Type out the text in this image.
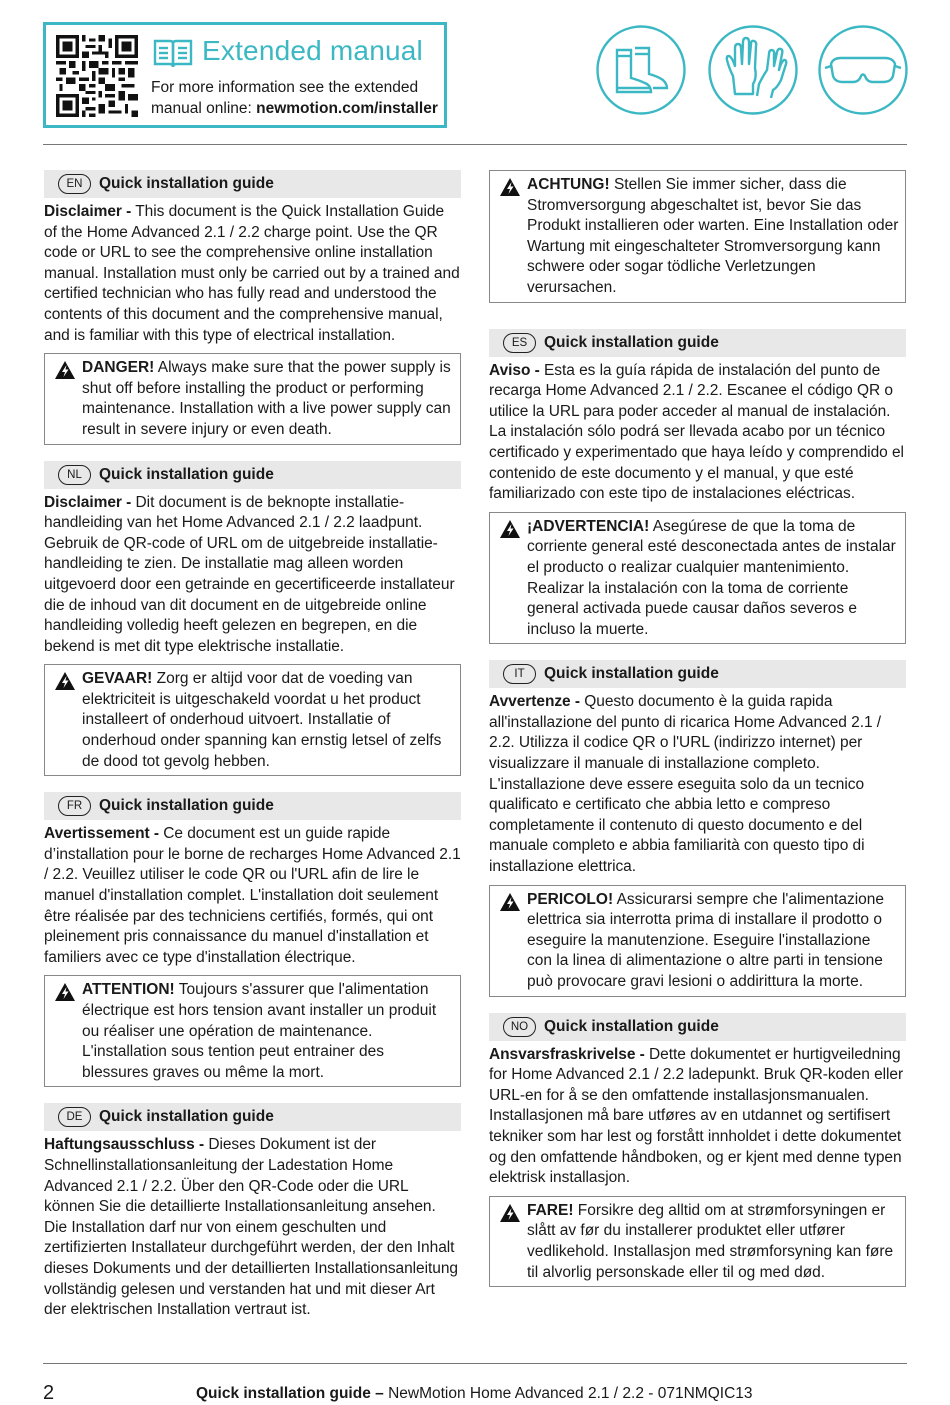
Extended manual
For more information see the extended manual online: newmotion.com/installer
EN	Quick installation guide
Disclaimer - This document is the Quick Installation Guide of the Home Advanced 2.1 / 2.2 charge point. Use the QR code or URL to see the comprehensive online installation manual. Installation must only be carried out by a trained and certified technician who has fully read and understood the contents of this document and the comprehensive manual, and is familiar with this type of electrical installation.
DANGER! Always make sure that the power supply is shut off before installing the product or performing maintenance. Installation with a live power supply can result in severe injury or even death.
NL	Quick installation guide
Disclaimer - Dit document is de beknopte installatie-handleiding van het Home Advanced 2.1 / 2.2 laadpunt. Gebruik de QR-code of URL om de uitgebreide installatie-handleiding te zien. De installatie mag alleen worden uitgevoerd door een getrainde en gecertificeerde installateur die de inhoud van dit document en de uitgebreide online handleiding volledig heeft gelezen en begrepen, en die bekend is met dit type elektrische installatie.
GEVAAR! Zorg er altijd voor dat de voeding van elektriciteit is uitgeschakeld voordat u het product installeert of onderhoud uitvoert. Installatie of onderhoud onder spanning kan ernstig letsel of zelfs de dood tot gevolg hebben.
FR	Quick installation guide
Avertissement - Ce document est un guide rapide d’installation pour le borne de recharges Home Advanced 2.1 / 2.2. Veuillez utiliser le code QR ou l'URL afin de lire le manuel d'installation complet. L'installation doit seulement être réalisée par des techniciens certifiés, formés, qui ont pleinement pris connaissance du manuel d'installation et familiers avec ce type d'installation électrique.
ATTENTION! Toujours s'assurer que l'alimentation électrique est hors tension avant installer un produit ou réaliser une opération de maintenance. L'installation sous tention peut entrainer des blessures graves ou même la mort.
DE	Quick installation guide
Haftungsausschluss - Dieses Dokument ist der Schnellinstallationsanleitung der Ladestation Home Advanced 2.1 / 2.2. Über den QR-Code oder die URL können Sie die detaillierte Installationsanleitung ansehen. Die Installation darf nur von einem geschulten und zertifizierten Installateur durchgeführt werden, der den Inhalt dieses Dokuments und der detaillierten Installationsanleitung vollständig gelesen und verstanden hat und mit dieser Art der elektrischen Installation vertraut ist.
ACHTUNG! Stellen Sie immer sicher, dass die Stromversorgung abgeschaltet ist, bevor Sie das Produkt installieren oder warten. Eine Installation oder Wartung mit eingeschalteter Stromversorgung kann schwere oder sogar tödliche Verletzungen verursachen.
ES	Quick installation guide
Aviso - Esta es la guía rápida de instalación del punto de recarga Home Advanced 2.1 / 2.2. Escanee el código QR o utilice la URL para poder acceder al manual de instalación. La instalación sólo podrá ser llevada acabo por un técnico certificado y experimentado que haya leído y comprendido el contenido de este documento y el manual, y que esté familiarizado con este tipo de instalaciones eléctricas.
¡ADVERTENCIA! Asegúrese de que la toma de corriente general esté desconectada antes de instalar el producto o realizar cualquier mantenimiento. Realizar la instalación con la toma de corriente general activada puede causar daños severos e incluso la muerte.
IT	Quick installation guide
Avvertenze - Questo documento è la guida rapida all'installazione del punto di ricarica Home Advanced 2.1 / 2.2. Utilizza il codice QR o l'URL (indirizzo internet) per visualizzare il manuale di installazione completo. L'installazione deve essere eseguita solo da un tecnico qualificato e certificato che abbia letto e compreso completamente il contenuto di questo documento e del manuale completo e abbia familiarità con questo tipo di installazione elettrica.
PERICOLO! Assicurarsi sempre che l'alimentazione elettrica sia interrotta prima di installare il prodotto o eseguire la manutenzione. Eseguire l'installazione con la linea di alimentazione o altre parti in tensione può provocare gravi lesioni o addirittura la morte.
NO	Quick installation guide
Ansvarsfraskrivelse - Dette dokumentet er hurtigveiledning for Home Advanced 2.1 / 2.2 ladepunkt. Bruk QR-koden eller URL-en for å se den omfattende installasjonsmanualen. Installasjonen må bare utføres av en utdannet og sertifisert tekniker som har lest og forstått innholdet i dette dokumentet og den omfattende håndboken, og er kjent med denne typen elektrisk installasjon.
FARE! Forsikre deg alltid om at strømforsyningen er slått av før du installerer produktet eller utfører vedlikehold. Installasjon med strømforsyning kan føre til alvorlig personskade eller til og med død.
2	Quick installation guide – NewMotion Home Advanced 2.1 / 2.2 - 071NMQIC13
